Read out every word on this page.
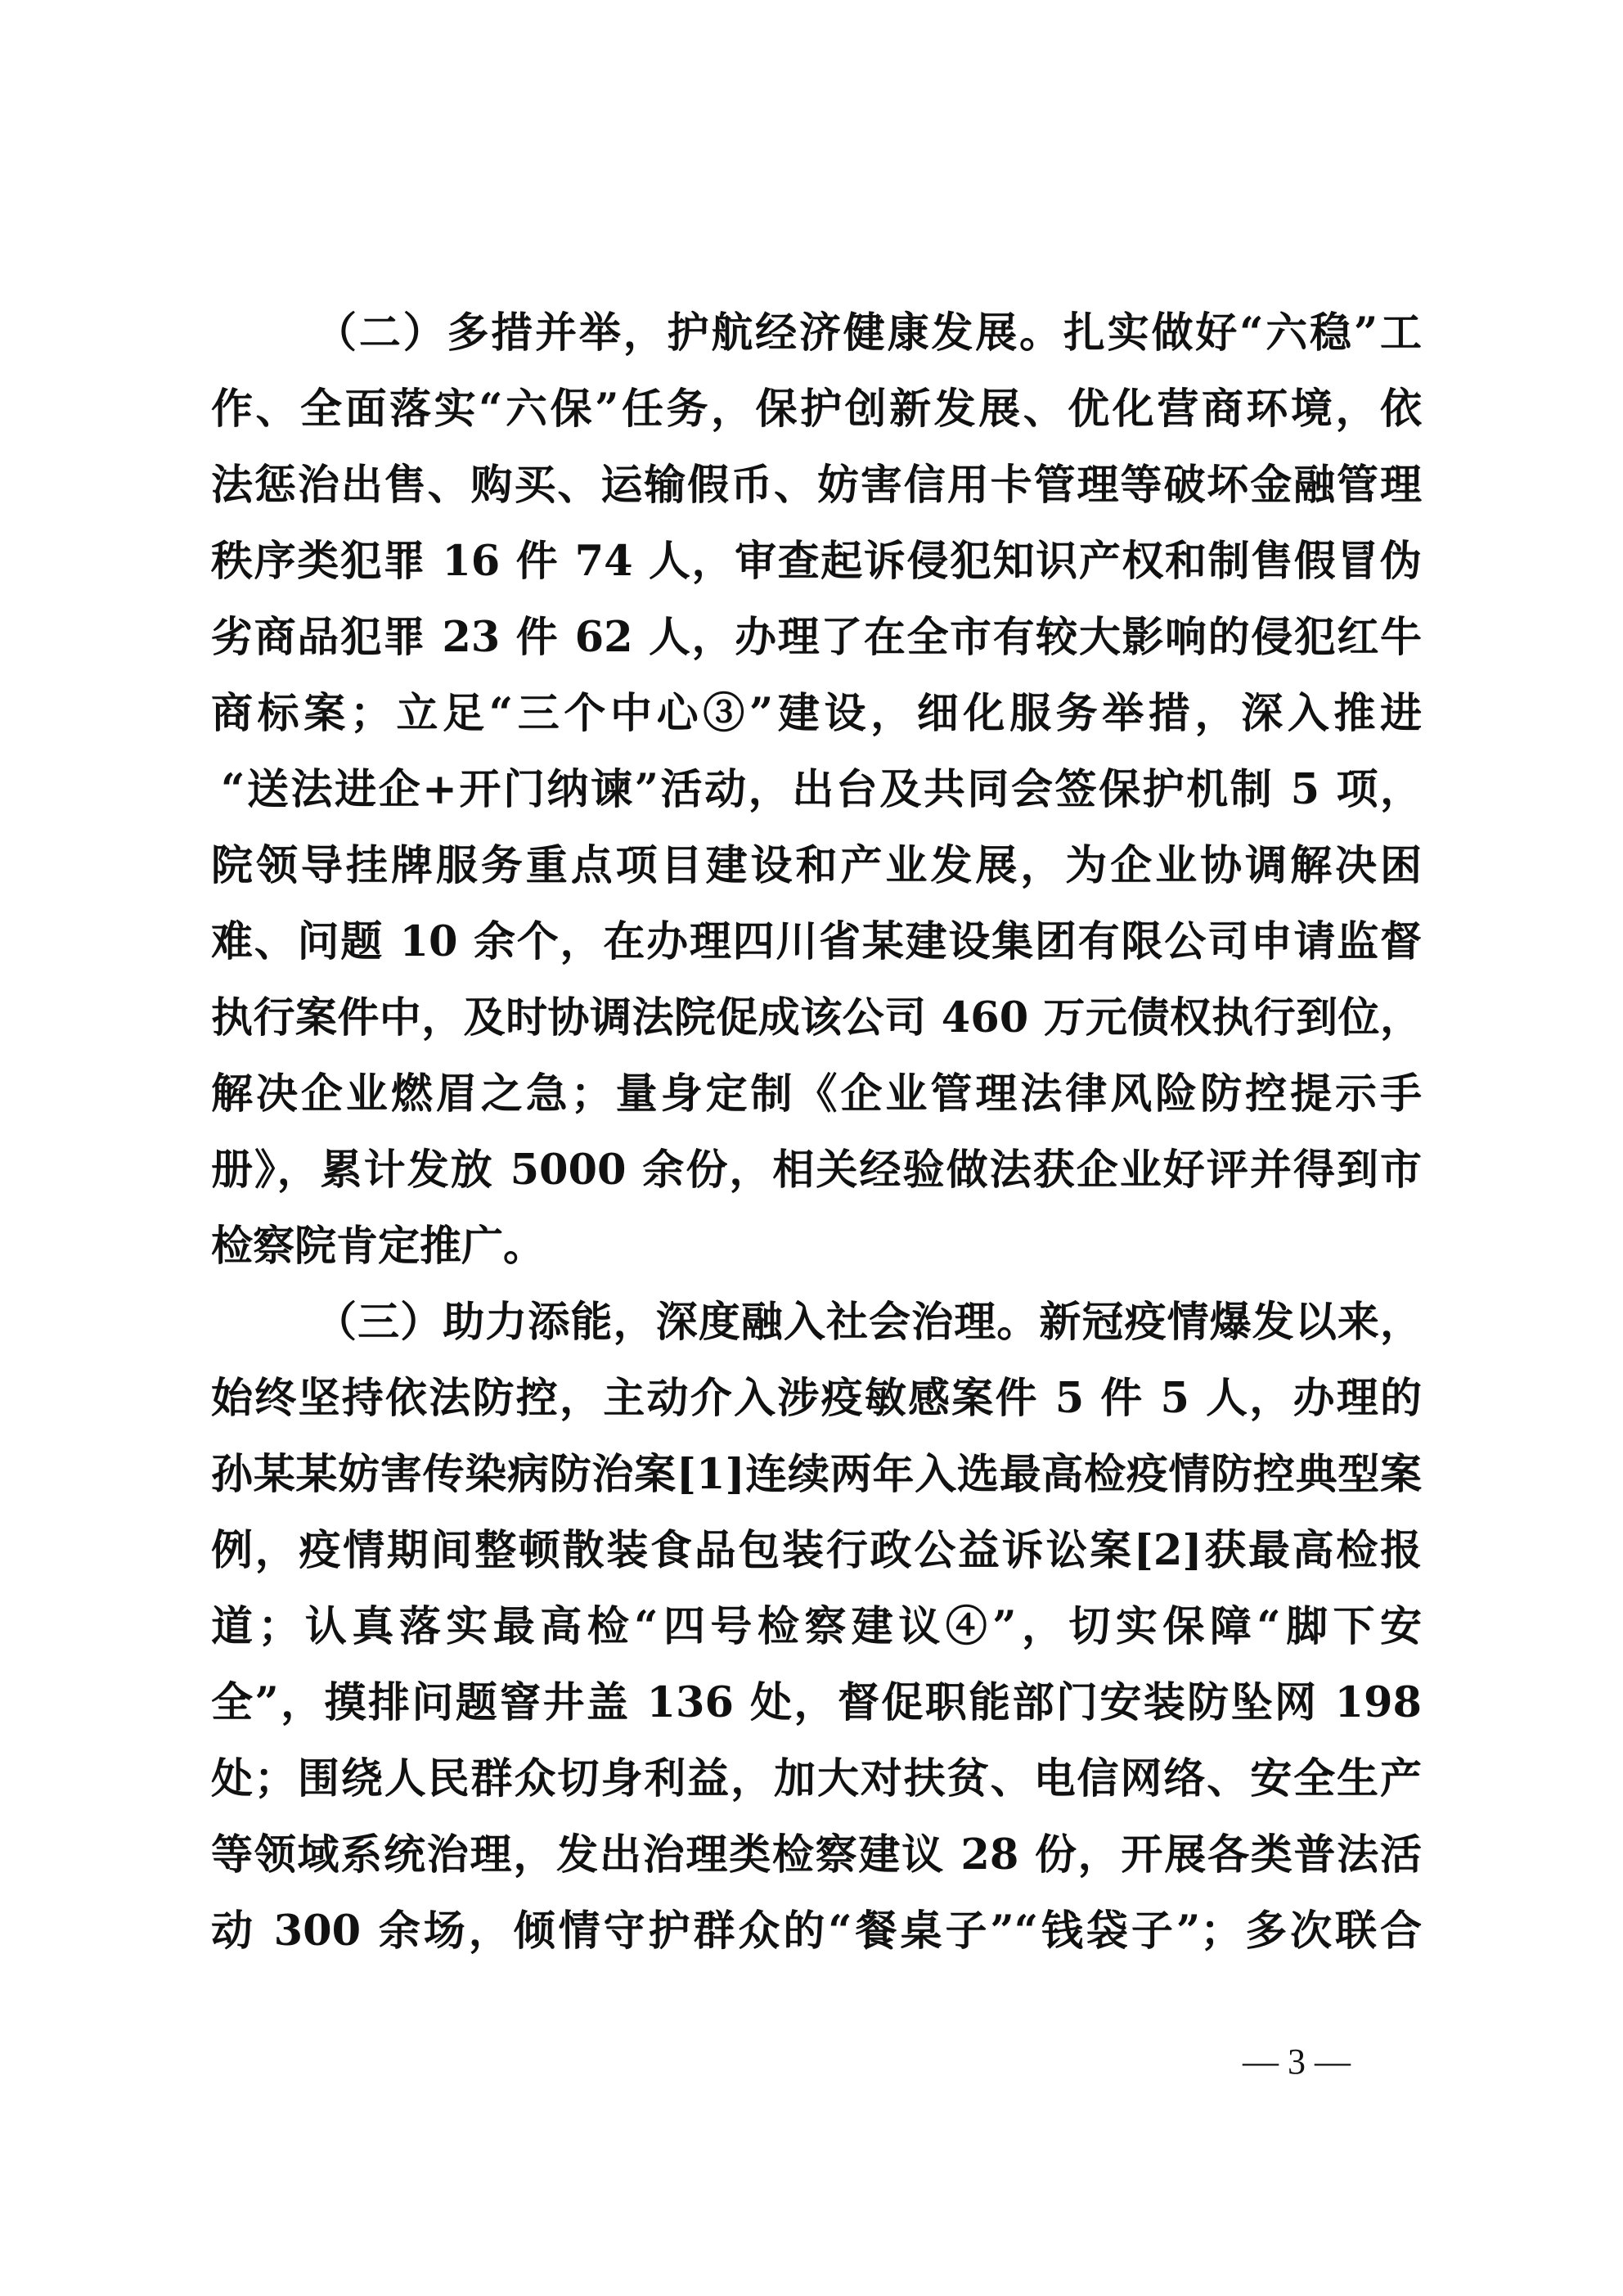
（二）多措并举，护航经济健康发展。扎实做好“六稳”工
作、全面落实“六保”任务，保护创新发展、优化营商环境，依
法惩治出售、购买、运输假币、妨害信用卡管理等破坏金融管理
秩序类犯罪 16 件 74 人，审查起诉侵犯知识产权和制售假冒伪
劣商品犯罪 23 件 62 人，办理了在全市有较大影响的侵犯红牛
商标案；立足“三个中心③”建设，细化服务举措，深入推进
“送法进企+开门纳谏”活动，出台及共同会签保护机制 5 项，
院领导挂牌服务重点项目建设和产业发展，为企业协调解决困
难、问题 10 余个，在办理四川省某建设集团有限公司申请监督
执行案件中，及时协调法院促成该公司 460 万元债权执行到位，
解决企业燃眉之急；量身定制《企业管理法律风险防控提示手
册》，累计发放 5000 余份，相关经验做法获企业好评并得到市
检察院肯定推广。
（三）助力添能，深度融入社会治理。新冠疫情爆发以来，
始终坚持依法防控，主动介入涉疫敏感案件 5 件 5 人，办理的
孙某某妨害传染病防治案[1]连续两年入选最高检疫情防控典型案
例，疫情期间整顿散装食品包装行政公益诉讼案[2]获最高检报
道；认真落实最高检“四号检察建议④”，切实保障“脚下安
全”，摸排问题窨井盖 136 处，督促职能部门安装防坠网 198
处；围绕人民群众切身利益，加大对扶贫、电信网络、安全生产
等领域系统治理，发出治理类检察建议 28 份，开展各类普法活
动 300 余场，倾情守护群众的“餐桌子”“钱袋子”；多次联合
— 3 —
